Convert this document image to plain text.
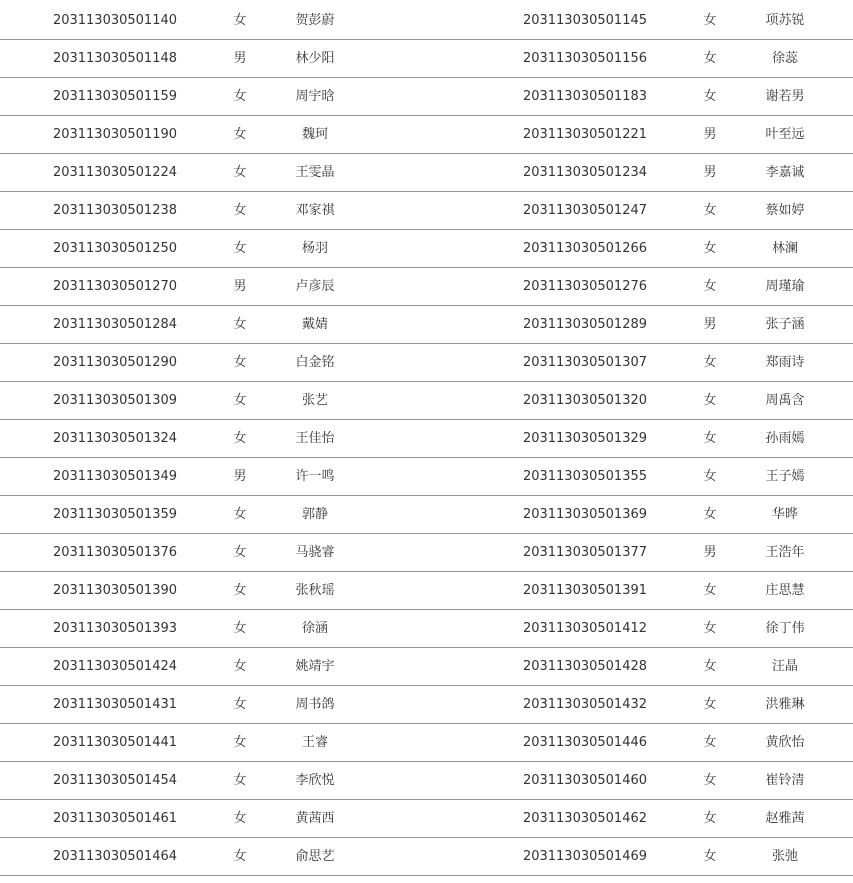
203113030501140	女	贺彭蔚	203113030501145	女	项苏锐
203113030501148	男	林少阳	203113030501156	女	徐蕊
203113030501159	女	周宇晗	203113030501183	女	谢若男
203113030501190	女	魏珂	203113030501221	男	叶至远
203113030501224	女	王雯晶	203113030501234	男	李嘉诚
203113030501238	女	邓家祺	203113030501247	女	蔡如婷
203113030501250	女	杨羽	203113030501266	女	林澜
203113030501270	男	卢彦辰	203113030501276	女	周瑾瑜
203113030501284	女	戴婧	203113030501289	男	张子涵
203113030501290	女	白金铭	203113030501307	女	郑雨诗
203113030501309	女	张艺	203113030501320	女	周禹含
203113030501324	女	王佳怡	203113030501329	女	孙雨嫣
203113030501349	男	许一鸣	203113030501355	女	王子嫣
203113030501359	女	郭静	203113030501369	女	华晔
203113030501376	女	马骁睿	203113030501377	男	王浩年
203113030501390	女	张秋瑶	203113030501391	女	庄思慧
203113030501393	女	徐涵	203113030501412	女	徐丁伟
203113030501424	女	姚靖宇	203113030501428	女	汪晶
203113030501431	女	周书鸽	203113030501432	女	洪雅琳
203113030501441	女	王睿	203113030501446	女	黄欣怡
203113030501454	女	李欣悦	203113030501460	女	崔铃清
203113030501461	女	黄茜西	203113030501462	女	赵雅茜
203113030501464	女	俞思艺	203113030501469	女	张弛
